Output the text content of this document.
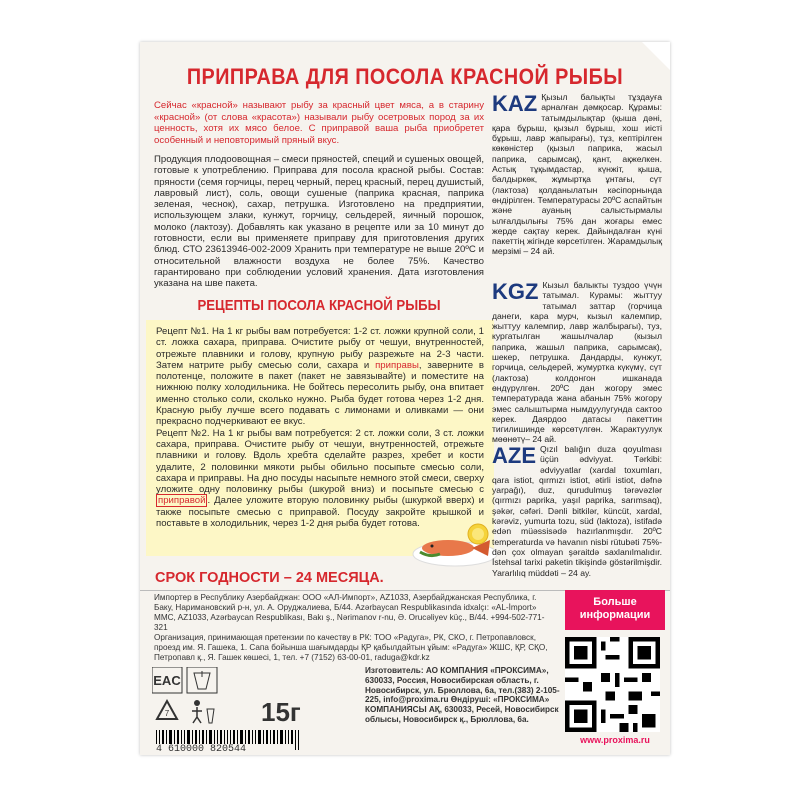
ПРИПРАВА ДЛЯ ПОСОЛА КРАСНОЙ РЫБЫ
Сейчас «красной» называют рыбу за красный цвет мяса, а в старину «красной» (от слова «красота») называли рыбу осетровых пород за их ценность, хотя их мясо белое. С приправой ваша рыба приобретет особенный и неповторимый пряный вкус.
Продукция плодоовощная – смеси пряностей, специй и сушеных овощей, готовые к употреблению. Приправа для посола красной рыбы. Состав: пряности (семя горчицы, перец черный, перец красный, перец душистый, лавровый лист), соль, овощи сушеные (паприка красная, паприка зеленая, чеснок), сахар, петрушка. Изготовлено на предприятии, использующем злаки, кунжут, горчицу, сельдерей, яичный порошок, молоко (лактозу). Добавлять как указано в рецепте или за 10 минут до готовности, если вы применяете приправу для приготовления других блюд. СТО 23613946-002-2009 Хранить при температуре не выше 20ºC и относительной влажности воздуха не более 75%. Качество гарантировано при соблюдении условий хранения. Дата изготовления указана на шве пакета.
РЕЦЕПТЫ ПОСОЛА КРАСНОЙ РЫБЫ
Рецепт №1. На 1 кг рыбы вам потребуется: 1-2 ст. ложки крупной соли, 1 ст. ложка сахара, приправа. Очистите рыбу от чешуи, внутренностей, отрежьте плавники и голову, крупную рыбу разрежьте на 2-3 части. Затем натрите рыбу смесью соли, сахара и приправы, заверните в полотенце, положите в пакет (пакет не завязывайте) и поместите на нижнюю полку холодильника. Не бойтесь пересолить рыбу, она впитает именно столько соли, сколько нужно. Рыба будет готова через 1-2 дня. Красную рыбу лучше всего подавать с лимонами и оливками — они прекрасно подчеркивают ее вкус.
Рецепт №2. На 1 кг рыбы вам потребуется: 2 ст. ложки соли, 3 ст. ложки сахара, приправа. Очистите рыбу от чешуи, внутренностей, отрежьте плавники и голову. Вдоль хребта сделайте разрез, хребет и кости удалите, 2 половинки мякоти рыбы обильно посыпьте смесью соли, сахара и приправы. На дно посуды насыпьте немного этой смеси, сверху уложите одну половинку рыбы (шкурой вниз) и посыпьте смесью с приправой . Далее уложите вторую половинку рыбы (шкуркой вверх) и также посыпьте смесью с приправой. Посуду закройте крышкой и поставьте в холодильник, через 1-2 дня рыба будет готова.
СРОК ГОДНОСТИ – 24 МЕСЯЦА.
KAZ Қызыл балықты тұздауға арналған дәмқосар. Құрамы: татымдылықтар (қыша дәні, қара бұрыш, қызыл бұрыш, хош иісті бұрыш, лавр жапырағы), тұз, кептірілген көкөністер (қызыл паприка, жасыл паприка, сарымсақ), қант, ақжелкен. Астық тұқымдастар, күнжіт, қыша, балдыркөк, жұмыртқа ұнтағы, сүт (лактоза) қолданылатын кәсіпорнында өндірілген. Температурасы 20ºC аспайтын және ауаның салыстырмалы ылғалдылығы 75% дан жоғары емес жерде сақтау керек. Дайындалған күні пакеттің жігінде көрсетілген. Жарамдылық мерзімі – 24 ай.
KGZ Кызыл балыкты туздоо үчүн татымал. Курамы: жыттуу татымал заттар (горчица данеги, кара мурч, кызыл калемпир, жыттуу калемпир, лавр жалбырагы), туз, кургатылган жашылчалар (кызыл паприка, жашыл паприка, сарымсак), шекер, петрушка. Дандарды, кунжут, горчица, сельдерей, жумуртка күкүмү, сүт (лактоза) колдонгон ишканада өндүрүлгөн. 20ºC дан жогору эмес температурада жана абанын 75% жогору эмес салыштырма нымдуулугунда сактоо керек. Даярдоо датасы пакеттин тигилишинде көрсөтүлгөн. Жарактуулук мөөнөтү– 24 ай.
AZE Qızıl balığın duza qoyulması üçün ədviyyat. Tərkibi: ədviyyatlar (xardal toxumları, qara istiot, qırmızı istiot, ətirli istiot, dəfnə yarpağı), duz, qurudulmuş tərəvəzlər (qırmızı paprika, yaşıl paprika, sarımsaq), şəkər, cəfəri. Dənli bitkilər, küncüt, xardal, kərəviz, yumurta tozu, süd (laktoza), istifadə edən müəssisədə hazırlanmışdır. 20ºC temperaturda və havanın nisbi rütubəti 75%-dən çox olmayan şəraitdə saxlanılmalıdır. İstehsal tarixi paketin tikişində göstərilmişdir. Yararlılıq müddəti – 24 ay.
Импортер в Республику Азербайджан: ООО «АЛ-Импорт», AZ1033, Азербайджанская Республика, г. Баку, Наримановский р-н, ул. А. Оруджалиева, Б/44. Azərbaycan Respublikasında idxalçı: «AL-İmport» MMC, AZ1033, Azərbaycan Respublikası, Bakı ş., Nərimanov r-nu, Ə. Orucəliyev küç., B/44. +994-502-771-321
Организация, принимающая претензии по качеству в РК: ТОО «Радуга», РК, СКО, г. Петропавловск, проезд им. Я. Гашека, 1. Сапа бойынша шағымдарды ҚР қабылдайтын ұйым: «Радуга» ЖШС, ҚР, СҚО, Петропавл қ., Я. Гашек көшесі, 1, тел. +7 (7152) 63-00-01, raduga@kdr.kz
Больше информации
www.proxima.ru
EAC
7	15г
Изготовитель: АО КОМПАНИЯ «ПРОКСИМА», 630033, Россия, Новосибирская область, г. Новосибирск, ул. Брюллова, 6а, тел.(383) 2-105-225, info@proxima.ru Өндіруші: «ПРОКСИМА» КОМПАНИЯСЫ АҚ, 630033, Ресей, Новосибирск облысы, Новосибирск қ., Брюллова, 6а.
4 610000 820544
